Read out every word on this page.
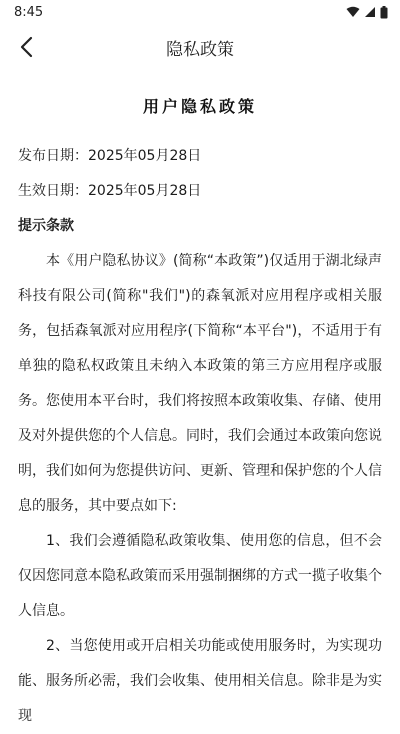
8:45
隐私政策
用户隐私政策
发布日期：2025年05月28日
生效日期：2025年05月28日
提示条款

本《用户隐私协议》(简称“本政策”)仅适用于湖北绿声科技有限公司(简称"我们")的森氧派对应用程序或相关服务，包括森氧派对应用程序(下简称“本平台")，不适用于有单独的隐私权政策且未纳入本政策的第三方应用程序或服务。您使用本平台时，我们将按照本政策收集、存储、使用及对外提供您的个人信息。同时，我们会通过本政策向您说明，我们如何为您提供访问、更新、管理和保护您的个人信息的服务，其中要点如下:

1、我们会遵循隐私政策收集、使用您的信息，但不会仅因您同意本隐私政策而采用强制捆绑的方式一揽子收集个人信息。

2、当您使用或开启相关功能或使用服务时，为实现功能、服务所必需，我们会收集、使用相关信息。除非是为实现
